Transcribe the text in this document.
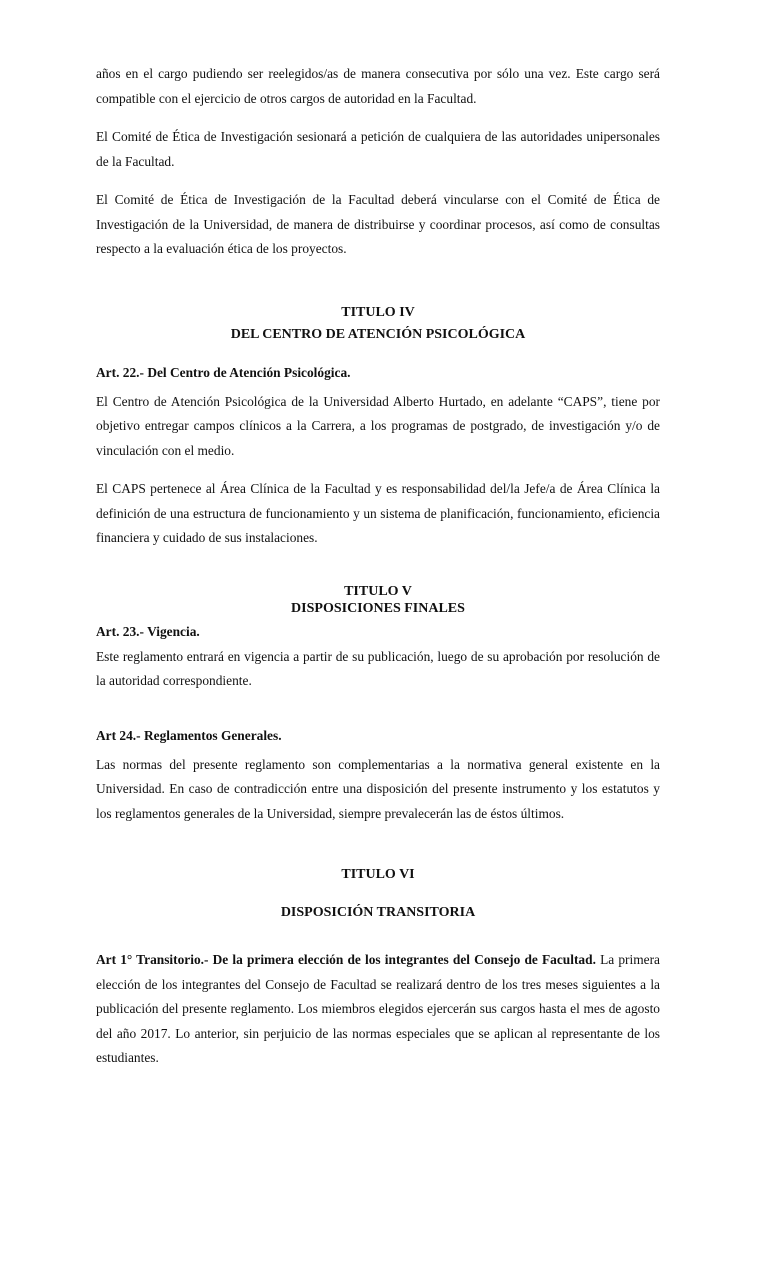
años en el cargo pudiendo ser reelegidos/as de manera consecutiva por sólo una vez. Este cargo será compatible con el ejercicio de otros cargos de autoridad en la Facultad.

El Comité de Ética de Investigación sesionará a petición de cualquiera de las autoridades unipersonales de la Facultad.

El Comité de Ética de Investigación de la Facultad deberá vincularse con el Comité de Ética de Investigación de la Universidad, de manera de distribuirse y coordinar procesos, así como de consultas respecto a la evaluación ética de los proyectos.

TITULO IV
DEL CENTRO DE ATENCIÓN PSICOLÓGICA
Art. 22.- Del Centro de Atención Psicológica.

El Centro de Atención Psicológica de la Universidad Alberto Hurtado, en adelante “CAPS”, tiene por objetivo entregar campos clínicos a la Carrera, a los programas de postgrado, de investigación y/o de vinculación con el medio.

El CAPS pertenece al Área Clínica de la Facultad y es responsabilidad del/la Jefe/a de Área Clínica la definición de una estructura de funcionamiento y un sistema de planificación, funcionamiento, eficiencia financiera y cuidado de sus instalaciones.

TITULO V
DISPOSICIONES FINALES
Art. 23.- Vigencia.

Este reglamento entrará en vigencia a partir de su publicación, luego de su aprobación por resolución de la autoridad correspondiente.

Art 24.- Reglamentos Generales.

Las normas del presente reglamento son complementarias a la normativa general existente en la Universidad. En caso de contradicción entre una disposición del presente instrumento y los estatutos y los reglamentos generales de la Universidad, siempre prevalecerán las de éstos últimos.

TITULO VI
DISPOSICIÓN TRANSITORIA

Art 1° Transitorio.- De la primera elección de los integrantes del Consejo de Facultad. La primera elección de los integrantes del Consejo de Facultad se realizará dentro de los tres meses siguientes a la publicación del presente reglamento. Los miembros elegidos ejercerán sus cargos hasta el mes de agosto del año 2017. Lo anterior, sin perjuicio de las normas especiales que se aplican al representante de los estudiantes.
